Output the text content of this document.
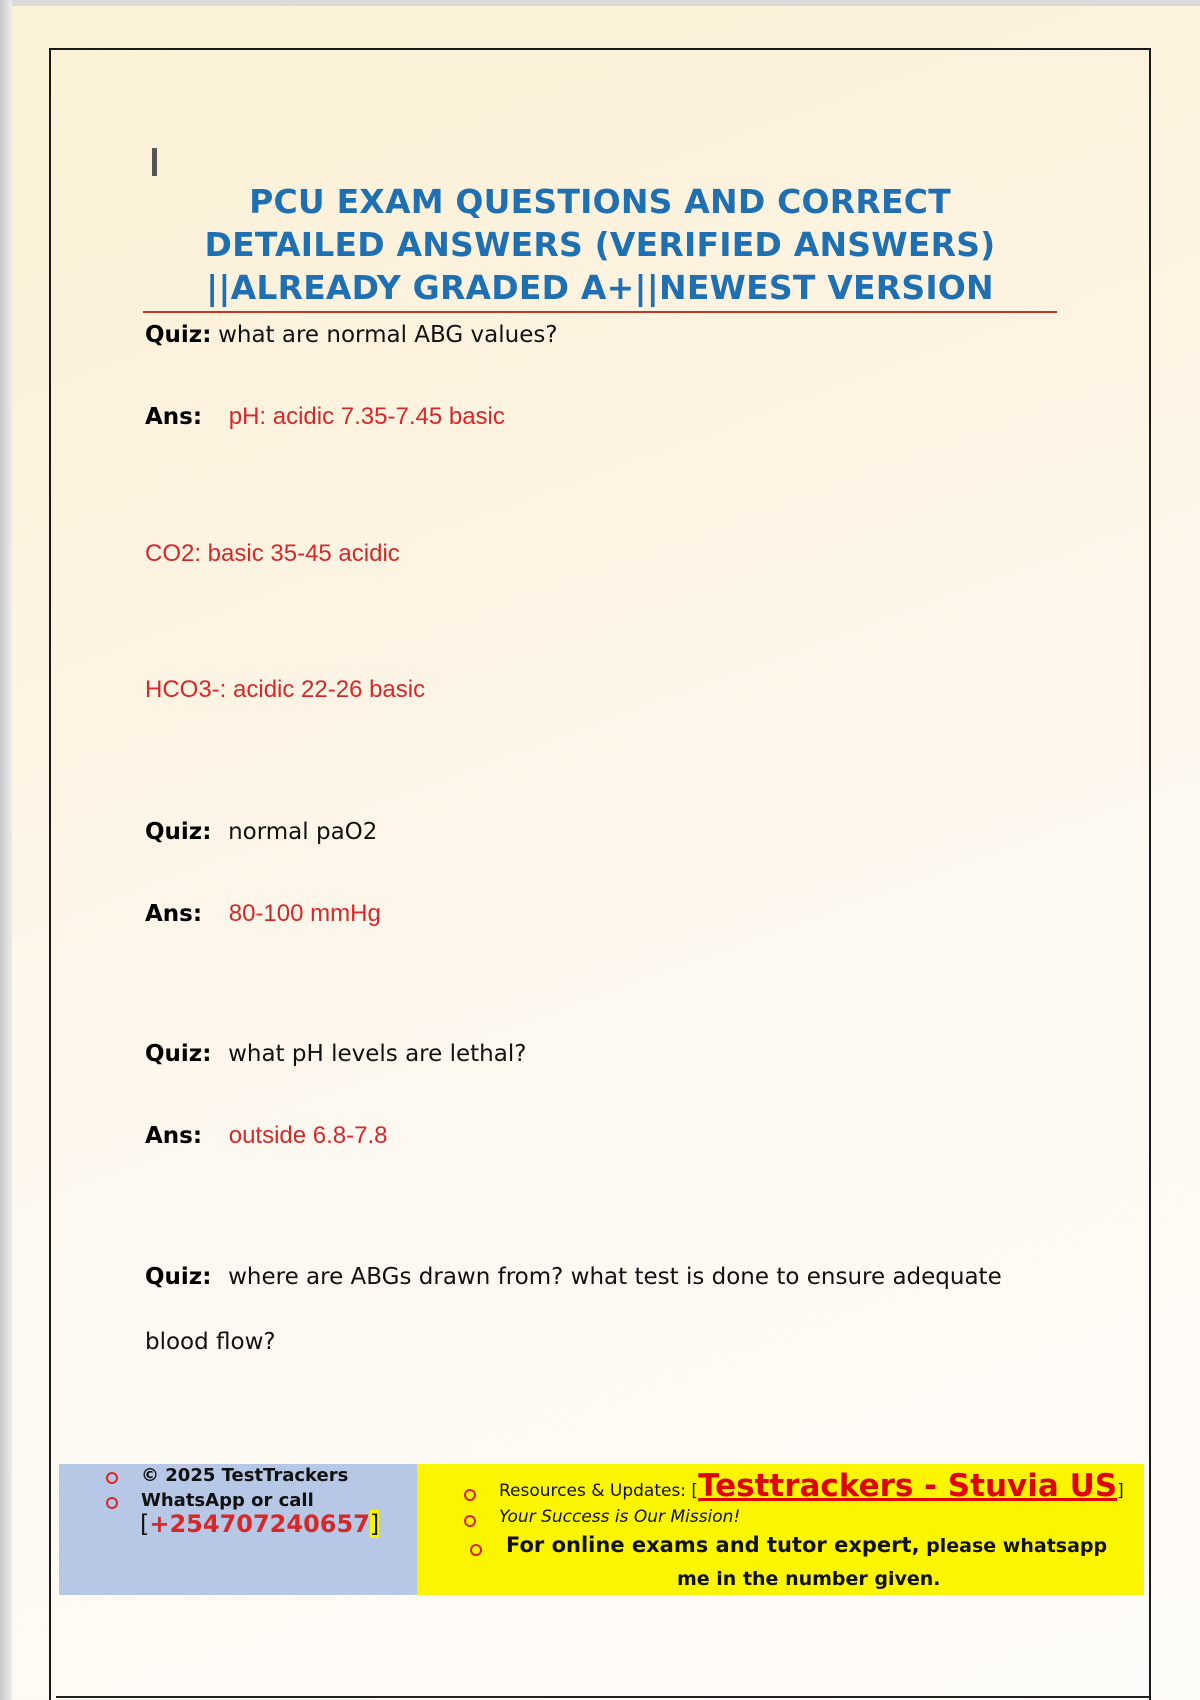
PCU EXAM QUESTIONS AND CORRECT
DETAILED ANSWERS (VERIFIED ANSWERS)
||ALREADY GRADED A+||NEWEST VERSION
Quiz: what are normal ABG values?
Ans: pH: acidic 7.35-7.45 basic
CO2: basic 35-45 acidic
HCO3-: acidic 22-26 basic
Quiz: normal paO2
Ans: 80-100 mmHg
Quiz: what pH levels are lethal?
Ans: outside 6.8-7.8
Quiz: where are ABGs drawn from? what test is done to ensure adequate
blood flow?
© 2025 TestTrackers
WhatsApp or call
[+254707240657]
Resources & Updates: [Testtrackers - Stuvia US]
Your Success is Our Mission!
For online exams and tutor expert, please whatsapp
me in the number given.
